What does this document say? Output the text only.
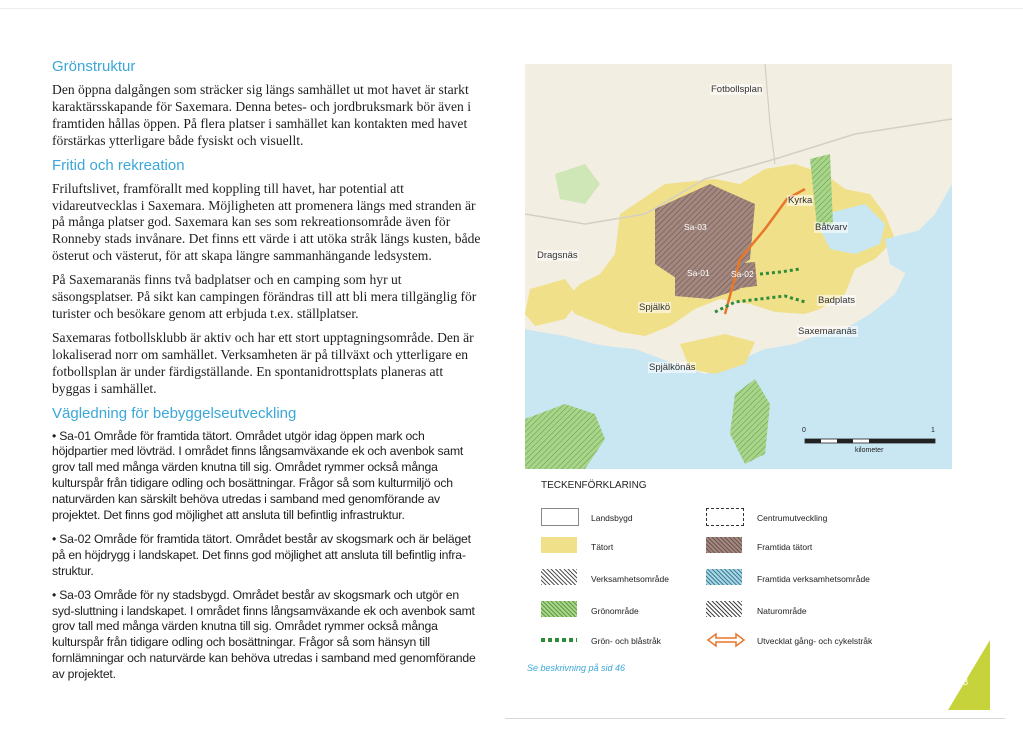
Grönstruktur

Den öppna dalgången som sträcker sig längs samhället ut mot havet är starkt karaktärsskapande för Saxemara. Denna betes- och jordbruksmark bör även i framtiden hållas öppen. På flera platser i samhället kan kontakten med havet förstärkas ytterligare både fysiskt och visuellt.

Fritid och rekreation

Friluftslivet, framförallt med koppling till havet, har potential att vidareutvecklas i Saxemara. Möjligheten att promenera längs med stranden är på många platser god. Saxemara kan ses som rekreationsområde även för Ronneby stads invånare. Det finns ett värde i att utöka stråk längs kusten, både österut och västerut, för att skapa längre sammanhängande ledsystem.

På Saxemaranäs finns två badplatser och en camping som hyr ut säsongsplatser. På sikt kan campingen förändras till att bli mera tillgänglig för turister och besökare genom att erbjuda t.ex. ställplatser.

Saxemaras fotbollsklubb är aktiv och har ett stort upptagningsområde. Den är lokaliserad norr om samhället. Verksamheten är på tillväxt och ytterligare en fotbollsplan är under färdigställande. En spontanidrottsplats planeras att byggas i samhället.

Vägledning för bebyggelseutveckling
• Sa-01 Område för framtida tätort. Området utgör idag öppen mark och höjdpartier med lövträd. I området finns långsamväxande ek och avenbok samt grov tall med många värden knutna till sig. Området rymmer också många kulturspår från tidigare odling och bosättningar. Frågor så som kulturmiljö och naturvärden kan särskilt behöva utredas i samband med genomförande av projektet. Det finns god möjlighet att ansluta till befintlig infrastruktur.
• Sa-02 Område för framtida tätort. Området består av skogsmark och är beläget på en höjdrygg i landskapet. Det finns god möjlighet att ansluta till befintlig infra-struktur.
• Sa-03 Område för ny stadsbygd. Området består av skogsmark och utgör en syd-sluttning i landskapet. I området finns långsamväxande ek och avenbok samt grov tall med många värden knutna till sig. Området rymmer också många kulturspår från tidigare odling och bosättningar. Frågor så som hänsyn till fornlämningar och naturvärde kan behöva utredas i samband med genomförande av projektet.
Fotbollsplan
Kyrka
Båtvarv
Dragsnäs
Spjälkö
Badplats
Saxemaranäs
Spjälkönäs
Sa-03
Sa-01	Sa-02
0	1
kilometer
TECKENFÖRKLARING
Landsbygd
Tätort
Verksamhetsområde
Grönområde
Grön- och blåstråk
Centrumutveckling
Framtida tätort
Framtida verksamhetsområde
Naturområde
Utvecklat gång- och cykelstråk
Se beskrivning på sid 46
58
